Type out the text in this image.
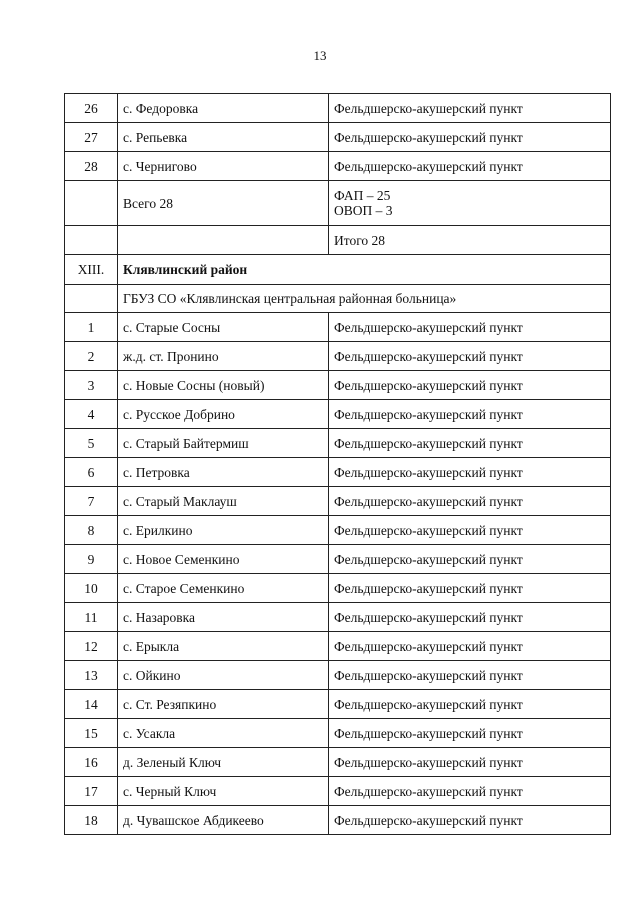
13
26	с. Федоровка	Фельдшерско-акушерский пункт
27	с. Репьевка	Фельдшерско-акушерский пункт
28	с. Чернигово	Фельдшерско-акушерский пункт
	Всего 28	ФАП – 25
ОВОП – 3

		Итого 28
XIII.	Клявлинский район	
	ГБУЗ СО «Клявлинская центральная районная больница»	
1	с. Старые Сосны	Фельдшерско-акушерский пункт
2	ж.д. ст. Пронино	Фельдшерско-акушерский пункт
3	с. Новые Сосны (новый)	Фельдшерско-акушерский пункт
4	с. Русское Добрино	Фельдшерско-акушерский пункт
5	с. Старый Байтермиш	Фельдшерско-акушерский пункт
6	с. Петровка	Фельдшерско-акушерский пункт
7	с. Старый Маклауш	Фельдшерско-акушерский пункт
8	с. Ерилкино	Фельдшерско-акушерский пункт
9	с. Новое Семенкино	Фельдшерско-акушерский пункт
10	с. Старое Семенкино	Фельдшерско-акушерский пункт
11	с. Назаровка	Фельдшерско-акушерский пункт
12	с. Ерыкла	Фельдшерско-акушерский пункт
13	с. Ойкино	Фельдшерско-акушерский пункт
14	с. Ст. Резяпкино	Фельдшерско-акушерский пункт
15	с. Усакла	Фельдшерско-акушерский пункт
16	д. Зеленый Ключ	Фельдшерско-акушерский пункт
17	с. Черный Ключ	Фельдшерско-акушерский пункт
18	д. Чувашское Абдикеево	Фельдшерско-акушерский пункт
